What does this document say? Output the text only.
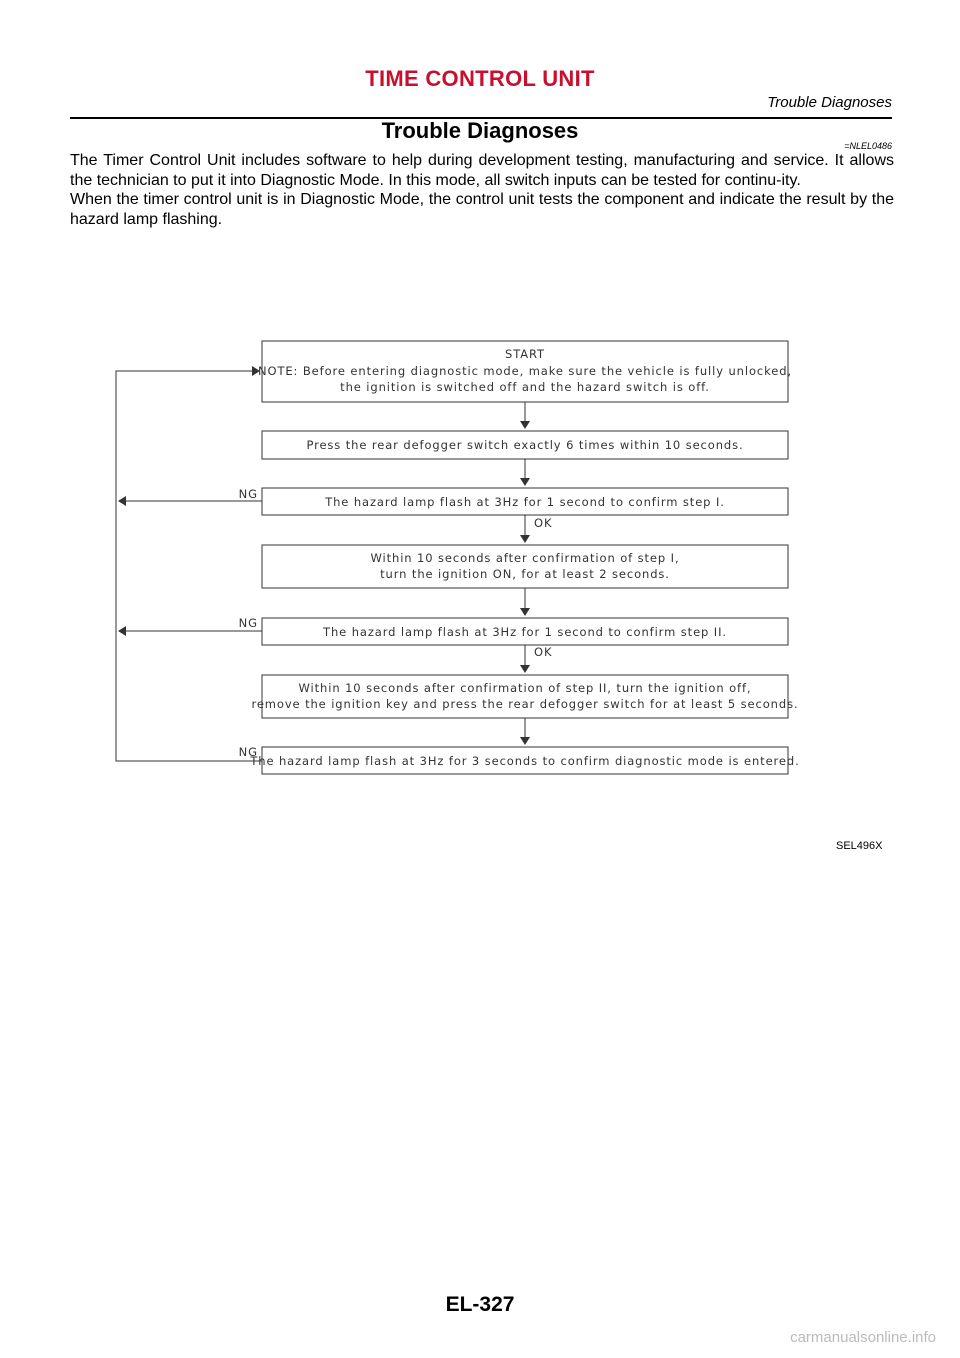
TIME CONTROL UNIT
Trouble Diagnoses
Trouble Diagnoses
=NLEL0486

The Timer Control Unit includes software to help during development testing, manufacturing and service. It allows the technician to put it into Diagnostic Mode. In this mode, all switch inputs can be tested for continu-ity.

When the timer control unit is in Diagnostic Mode, the control unit tests the component and indicate the result by the hazard lamp flashing.

START
NOTE: Before entering diagnostic mode, make sure the vehicle is fully unlocked,
the ignition is switched off and the hazard switch is off.
Press the rear defogger switch exactly 6 times within 10 seconds.
The hazard lamp flash at 3Hz for 1 second to confirm step I.
Within 10 seconds after confirmation of step I,
turn the ignition ON, for at least 2 seconds.
The hazard lamp flash at 3Hz for 1 second to confirm step II.
Within 10 seconds after confirmation of step II, turn the ignition off,
remove the ignition key and press the rear defogger switch for at least 5 seconds.
The hazard lamp flash at 3Hz for 3 seconds to confirm diagnostic mode is entered.
NG
NG
NG
OK
OK
SEL496X
EL-327
carmanualsonline.info
